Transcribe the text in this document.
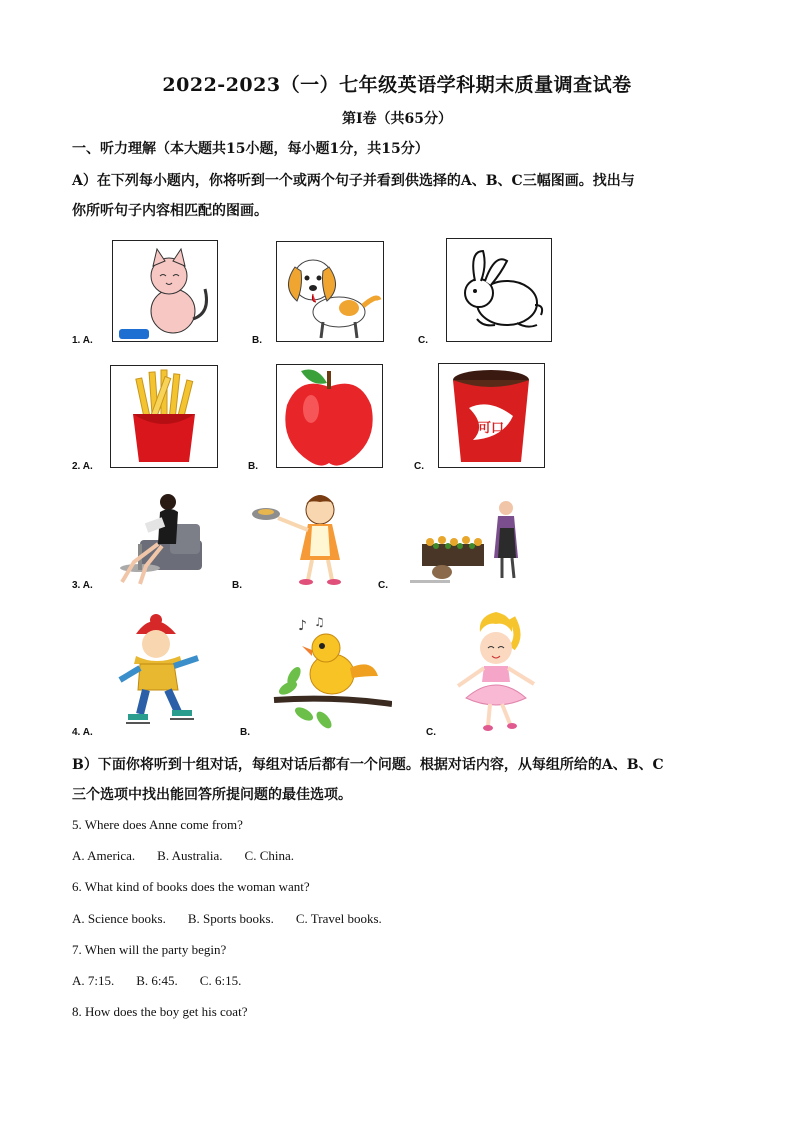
2022-2023（一）七年级英语学科期末质量调查试卷
第Ⅰ卷（共65分）
一、听力理解（本大题共15小题，每小题1分，共15分）
A）在下列每小题内，你将听到一个或两个句子并看到供选择的A、B、C三幅图画。找出与
你所听句子内容相匹配的图画。
1. A.	B.	C.
2. A.	B.	C.
可口
3. A.	B.	C.
4. A.	B.
♪ ♫
C.
B）下面你将听到十组对话，每组对话后都有一个问题。根据对话内容，从每组所给的A、B、C
三个选项中找出能回答所提问题的最佳选项。
5. Where does Anne come from?
A. America. B. Australia. C. China.
6. What kind of books does the woman want?
A. Science books. B. Sports books. C. Travel books.
7. When will the party begin?
A. 7:15. B. 6:45. C. 6:15.
8. How does the boy get his coat?
